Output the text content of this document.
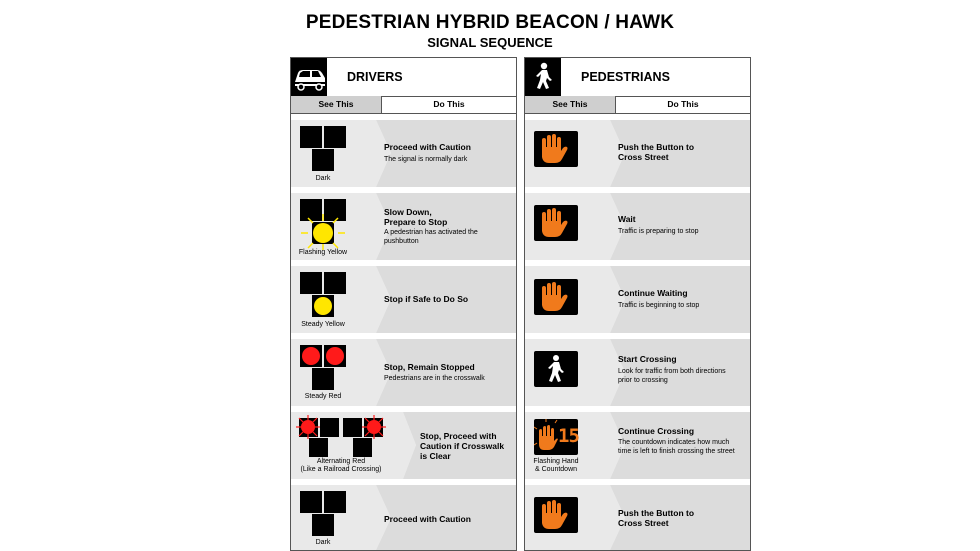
PEDESTRIAN HYBRID BEACON / HAWK
SIGNAL SEQUENCE
DRIVERS
See This	Do This
Dark
Proceed with Caution
The signal is normally dark
Flashing Yellow
Slow Down,
Prepare to Stop
A pedestrian has activated the pushbutton
Steady Yellow
Stop if Safe to Do So
Steady Red
Stop, Remain Stopped
Pedestrians are in the crosswalk
Alternating Red
(Like a Railroad Crossing)
Stop, Proceed with
Caution if Crosswalk
is Clear
Dark
Proceed with Caution
PEDESTRIANS
See This	Do This
Push the Button to
Cross Street
Wait
Traffic is preparing to stop
Continue Waiting
Traffic is beginning to stop
Start Crossing
Look for traffic from both directions prior to crossing
15
Flashing Hand
& Countdown
Continue Crossing
The countdown indicates how much time is left to finish crossing the street
Push the Button to
Cross Street
